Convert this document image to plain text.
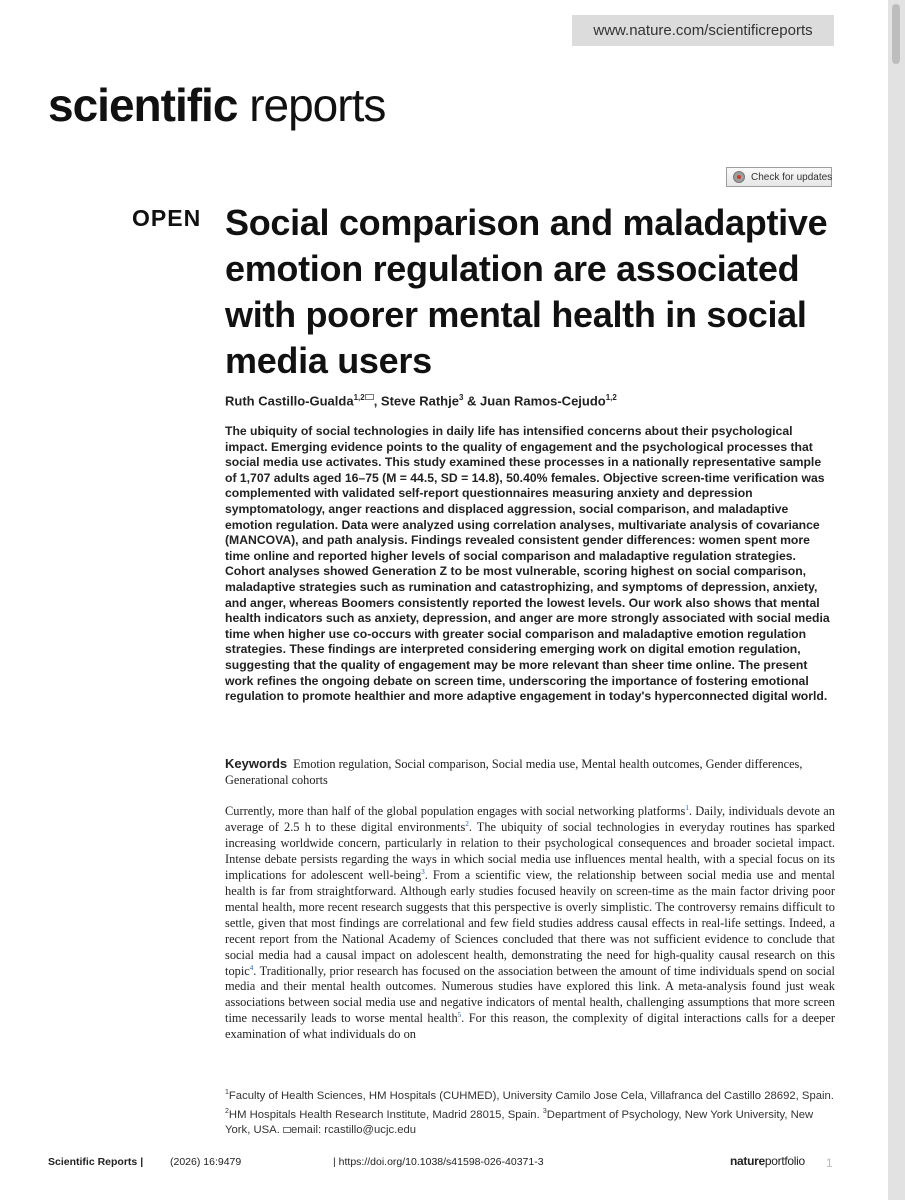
www.nature.com/scientificreports
scientific reports
Check for updates
OPEN Social comparison and maladaptive emotion regulation are associated with poorer mental health in social media users
Ruth Castillo-Gualda$^{1,2}$ , Steve Rathje$^3$ & Juan Ramos-Cejudo$^{1,2}$

The ubiquity of social technologies in daily life has intensified concerns about their psychological impact. Emerging evidence points to the quality of engagement and the psychological processes that social media use activates. This study examined these processes in a nationally representative sample of 1,707 adults aged 16–75 (M = 44.5, SD = 14.8), 50.40% females. Objective screen-time verification was complemented with validated self-report questionnaires measuring anxiety and depression symptomatology, anger reactions and displaced aggression, social comparison, and maladaptive emotion regulation. Data were analyzed using correlation analyses, multivariate analysis of covariance (MANCOVA), and path analysis. Findings revealed consistent gender differences: women spent more time online and reported higher levels of social comparison and maladaptive regulation strategies. Cohort analyses showed Generation Z to be most vulnerable, scoring highest on social comparison, maladaptive strategies such as rumination and catastrophizing, and symptoms of depression, anxiety, and anger, whereas Boomers consistently reported the lowest levels. Our work also shows that mental health indicators such as anxiety, depression, and anger are more strongly associated with social media time when higher use co-occurs with greater social comparison and maladaptive emotion regulation strategies. These findings are interpreted considering emerging work on digital emotion regulation, suggesting that the quality of engagement may be more relevant than sheer time online. The present work refines the ongoing debate on screen time, underscoring the importance of fostering emotional regulation to promote healthier and more adaptive engagement in today's hyperconnected digital world.

Keywords Emotion regulation, Social comparison, Social media use, Mental health outcomes, Gender differences, Generational cohorts

Currently, more than half of the global population engages with social networking platforms$^1$. Daily, individuals devote an average of 2.5 h to these digital environments$^2$. The ubiquity of social technologies in everyday routines has sparked increasing worldwide concern, particularly in relation to their psychological consequences and broader societal impact. Intense debate persists regarding the ways in which social media use influences mental health, with a special focus on its implications for adolescent well-being$^3$. From a scientific view, the relationship between social media use and mental health is far from straightforward. Although early studies focused heavily on screen-time as the main factor driving poor mental health, more recent research suggests that this perspective is overly simplistic. The controversy remains difficult to settle, given that most findings are correlational and few field studies address causal effects in real-life settings. Indeed, a recent report from the National Academy of Sciences concluded that there was not sufficient evidence to conclude that social media had a causal impact on adolescent health, demonstrating the need for high-quality causal research on this topic$^4$. Traditionally, prior research has focused on the association between the amount of time individuals spend on social media and their mental health outcomes. Numerous studies have explored this link. A meta-analysis found just weak associations between social media use and negative indicators of mental health, challenging assumptions that more screen time necessarily leads to worse mental health$^5$. For this reason, the complexity of digital interactions calls for a deeper examination of what individuals do on

$^1$Faculty of Health Sciences, HM Hospitals (CUHMED), University Camilo Jose Cela, Villafranca del Castillo 28692, Spain. $^2$HM Hospitals Health Research Institute, Madrid 28015, Spain. $^3$Department of Psychology, New York University, New York, USA. email: rcastillo@ucjc.edu

Scientific Reports |	(2026) 16:9479	| https://doi.org/10.1038/s41598-026-40371-3	natureportfolio 1
